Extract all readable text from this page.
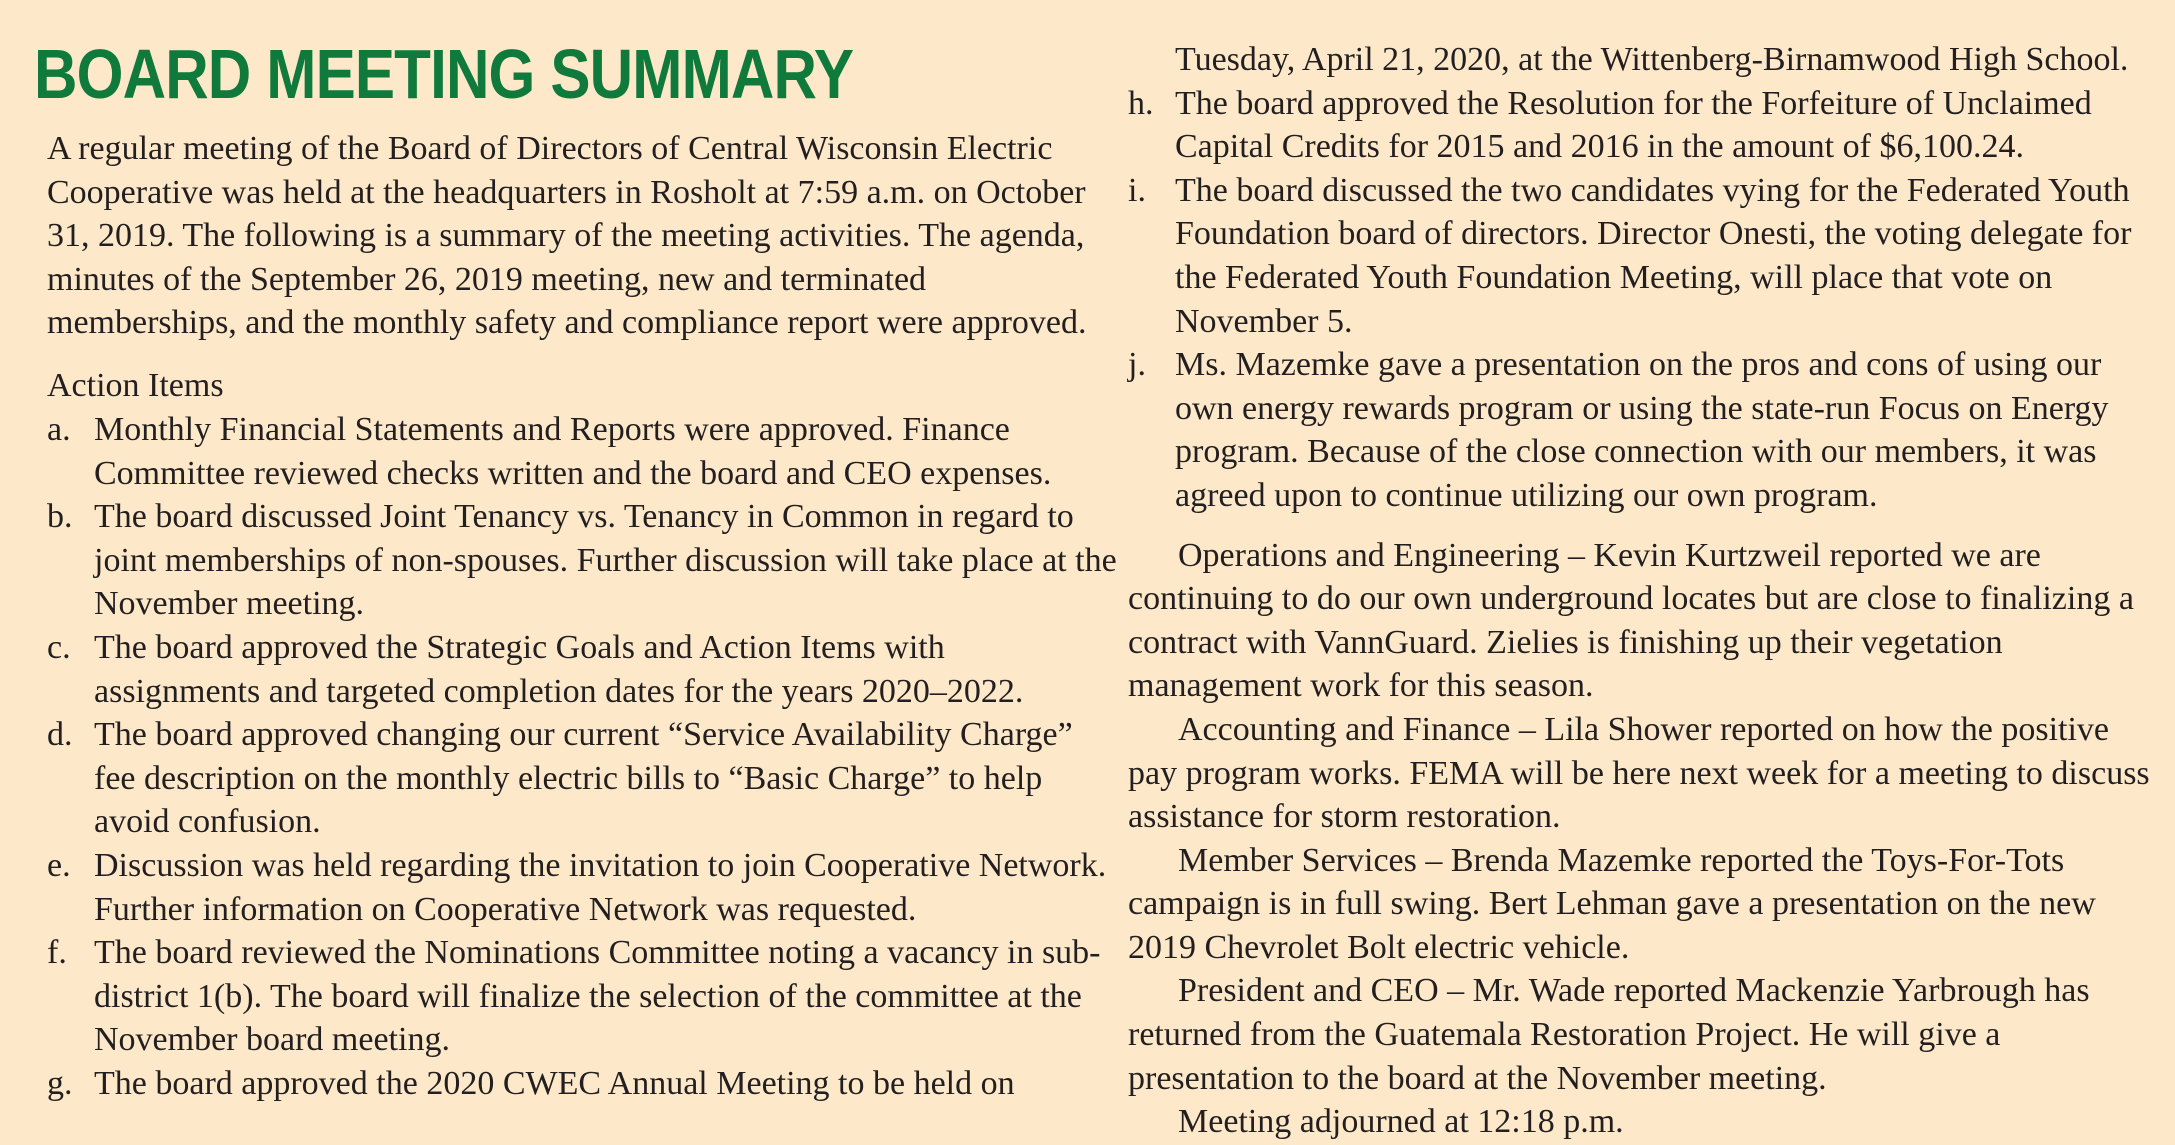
BOARD MEETING SUMMARY

A regular meeting of the Board of Directors of Central Wisconsin Electric Cooperative was held at the headquarters in Rosholt at 7:59 a.m. on October 31, 2019. The following is a summary of the meeting activities. The agenda, minutes of the September 26, 2019 meeting, new and terminated memberships, and the monthly safety and compliance report were approved.

Action Items

a. Monthly Financial Statements and Reports were approved. Finance Committee reviewed checks written and the board and CEO expenses.
b. The board discussed Joint Tenancy vs. Tenancy in Common in regard to joint memberships of non-spouses. Further discussion will take place at the November meeting.
c. The board approved the Strategic Goals and Action Items with assignments and targeted completion dates for the years 2020–2022.
d. The board approved changing our current “Service Availability Charge” fee description on the monthly electric bills to “Basic Charge” to help avoid confusion.
e. Discussion was held regarding the invitation to join Cooperative Network. Further information on Cooperative Network was requested.
f. The board reviewed the Nominations Committee noting a vacancy in sub-district 1(b). The board will finalize the selection of the committee at the November board meeting.
g. The board approved the 2020 CWEC Annual Meeting to be held on

Tuesday, April 21, 2020, at the Wittenberg-Birnamwood High School.

h. The board approved the Resolution for the Forfeiture of Unclaimed Capital Credits for 2015 and 2016 in the amount of $6,100.24.
i. The board discussed the two candidates vying for the Federated Youth Foundation board of directors. Director Onesti, the voting delegate for the Federated Youth Foundation Meeting, will place that vote on November 5.
j. Ms. Mazemke gave a presentation on the pros and cons of using our own energy rewards program or using the state-run Focus on Energy program. Because of the close connection with our members, it was agreed upon to continue utilizing our own program.

Operations and Engineering – Kevin Kurtzweil reported we are continuing to do our own underground locates but are close to finalizing a contract with VannGuard. Zielies is finishing up their vegetation management work for this season.

Accounting and Finance – Lila Shower reported on how the positive pay program works. FEMA will be here next week for a meeting to discuss assistance for storm restoration.

Member Services – Brenda Mazemke reported the Toys-For-Tots campaign is in full swing. Bert Lehman gave a presentation on the new 2019 Chevrolet Bolt electric vehicle.

President and CEO – Mr. Wade reported Mackenzie Yarbrough has returned from the Guatemala Restoration Project. He will give a presentation to the board at the November meeting.

Meeting adjourned at 12:18 p.m.
